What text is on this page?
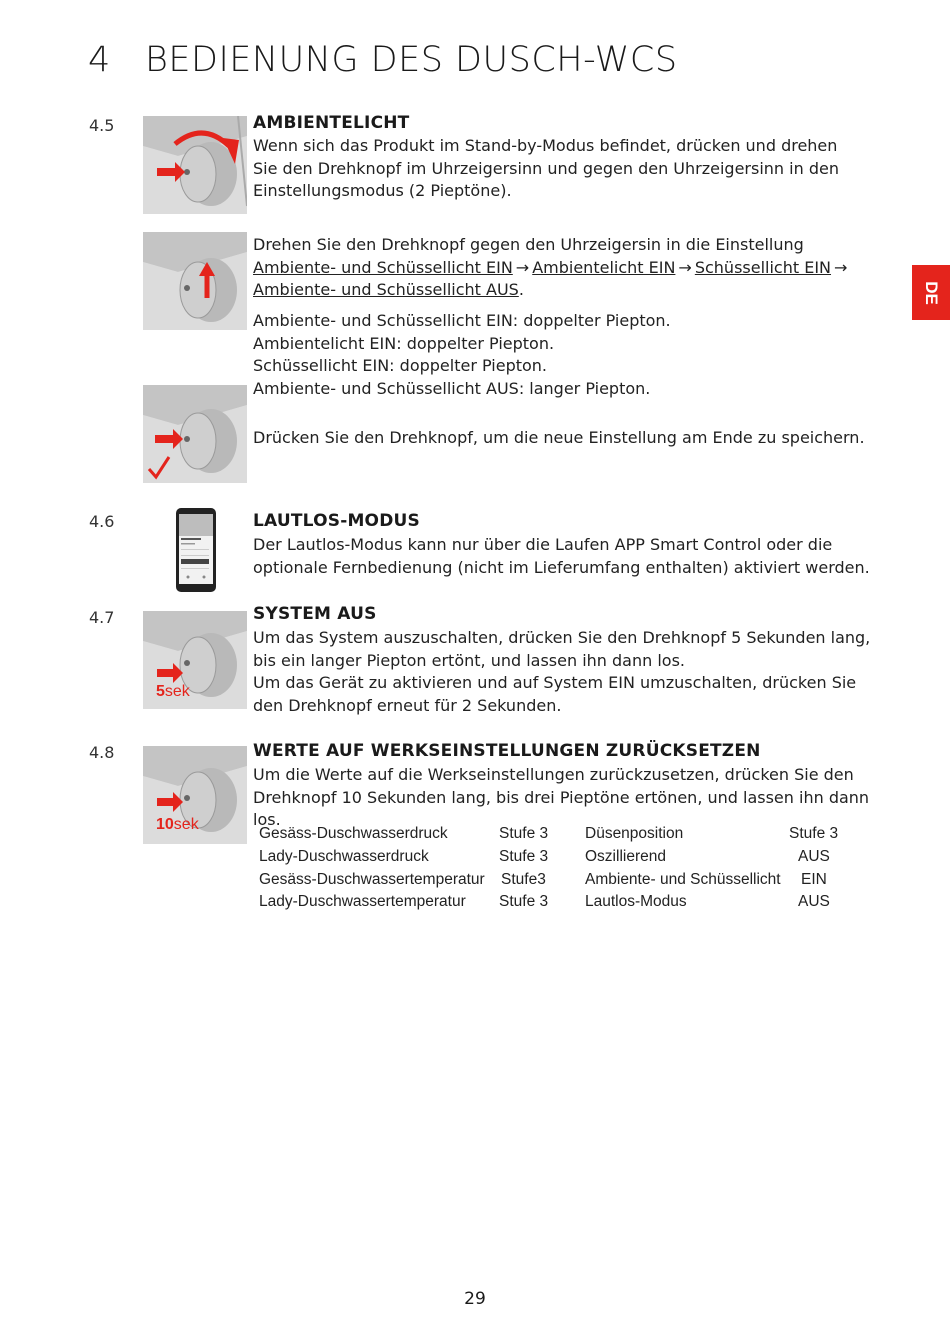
4 BEDIENUNG DES DUSCH-WCS
DE
4.5	AMBIENTELICHT
Wenn sich das Produkt im Stand-by-Modus befindet, drücken und drehen
Sie den Drehknopf im Uhrzeigersinn und gegen den Uhrzeigersinn in den
Einstellungsmodus (2 Pieptöne).
Drehen Sie den Drehknopf gegen den Uhrzeigersin in die Einstellung
Ambiente- und Schüssellicht EIN → Ambientelicht EIN → Schüssellicht EIN →
Ambiente- und Schüssellicht AUS.
Ambiente- und Schüssellicht EIN: doppelter Piepton.
Ambientelicht EIN: doppelter Piepton.
Schüssellicht EIN: doppelter Piepton.
Ambiente- und Schüssellicht AUS: langer Piepton.
Drücken Sie den Drehknopf, um die neue Einstellung am Ende zu speichern.
4.6	LAUTLOS-MODUS
Der Lautlos-Modus kann nur über die Laufen APP Smart Control oder die
optionale Fernbedienung (nicht im Lieferumfang enthalten) aktiviert werden.
4.7
5sek
SYSTEM AUS
Um das System auszuschalten, drücken Sie den Drehknopf 5 Sekunden lang,
bis ein langer Piepton ertönt, und lassen ihn dann los.
Um das Gerät zu aktivieren und auf System EIN umzuschalten, drücken Sie
den Drehknopf erneut für 2 Sekunden.
4.8
10sek
WERTE AUF WERKSEINSTELLUNGEN ZURÜCKSETZEN
Um die Werte auf die Werkseinstellungen zurückzusetzen, drücken Sie den
Drehknopf 10 Sekunden lang, bis drei Pieptöne ertönen, und lassen ihn dann los.
Gesäss-Duschwasserdruck	Stufe 3 Düsenposition	Stufe 3
Lady-Duschwasserdruck	Stufe 3 Oszillierend	AUS
Gesäss-Duschwassertemperatur Stufe3	Ambiente- und Schüssellicht EIN
Lady-Duschwassertemperatur Stufe 3 Lautlos-Modus	AUS
29
